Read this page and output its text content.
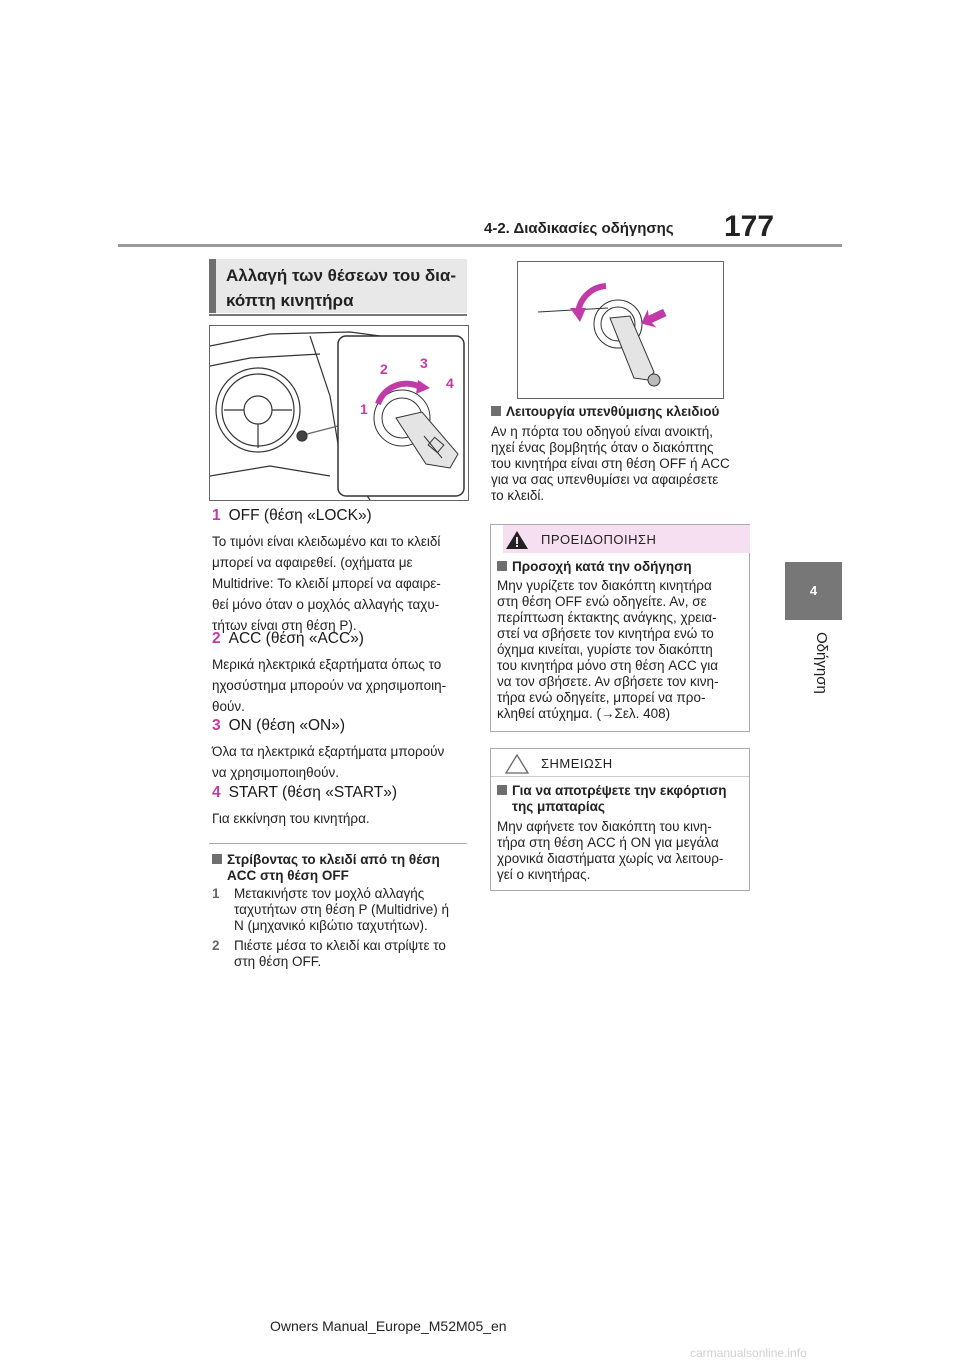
4-2. Διαδικασίες οδήγησης 177
4
Οδήγηση
Αλλαγή των θέσεων του δια-
κόπτη κινητήρα
1
2 3
4
1 OFF (θέση «LOCK»)
Το τιμόνι είναι κλειδωμένο και το κλειδί
μπορεί να αφαιρεθεί. (οχήματα με
Multidrive: Το κλειδί μπορεί να αφαιρε-
θεί μόνο όταν ο μοχλός αλλαγής ταχυ-
τήτων είναι στη θέση P).
2 ACC (θέση «ACC»)
Μερικά ηλεκτρικά εξαρτήματα όπως το
ηχοσύστημα μπορούν να χρησιμοποιη-
θούν.
3 ON (θέση «ON»)
Όλα τα ηλεκτρικά εξαρτήματα μπορούν
να χρησιμοποιηθούν.
4 START (θέση «START»)
Για εκκίνηση του κινητήρα.
Στρίβοντας το κλειδί από τη θέση
ACC στη θέση OFF
1 Μετακινήστε τον μοχλό αλλαγής
ταχυτήτων στη θέση P (Multidrive) ή
N (μηχανικό κιβώτιο ταχυτήτων).
2 Πιέστε μέσα το κλειδί και στρίψτε το
στη θέση OFF.
Λειτουργία υπενθύμισης κλειδιού
Αν η πόρτα του οδηγού είναι ανοικτή,
ηχεί ένας βομβητής όταν ο διακόπτης
του κινητήρα είναι στη θέση OFF ή ACC
για να σας υπενθυμίσει να αφαιρέσετε
το κλειδί.
ΠΡΟΕΙΔΟΠΟΙΗΣΗ
Προσοχή κατά την οδήγηση
Μην γυρίζετε τον διακόπτη κινητήρα
στη θέση OFF ενώ οδηγείτε. Αν, σε
περίπτωση έκτακτης ανάγκης, χρεια-
στεί να σβήσετε τον κινητήρα ενώ το
όχημα κινείται, γυρίστε τον διακόπτη
του κινητήρα μόνο στη θέση ACC για
να τον σβήσετε. Αν σβήσετε τον κινη-
τήρα ενώ οδηγείτε, μπορεί να προ-
κληθεί ατύχημα. (→Σελ. 408)
ΣΗΜΕΙΩΣΗ
Για να αποτρέψετε την εκφόρτιση
της μπαταρίας
Μην αφήνετε τον διακόπτη του κινη-
τήρα στη θέση ACC ή ON για μεγάλα
χρονικά διαστήματα χωρίς να λειτουρ-
γεί ο κινητήρας.
Owners Manual_Europe_M52M05_en
carmanualsonline.info
